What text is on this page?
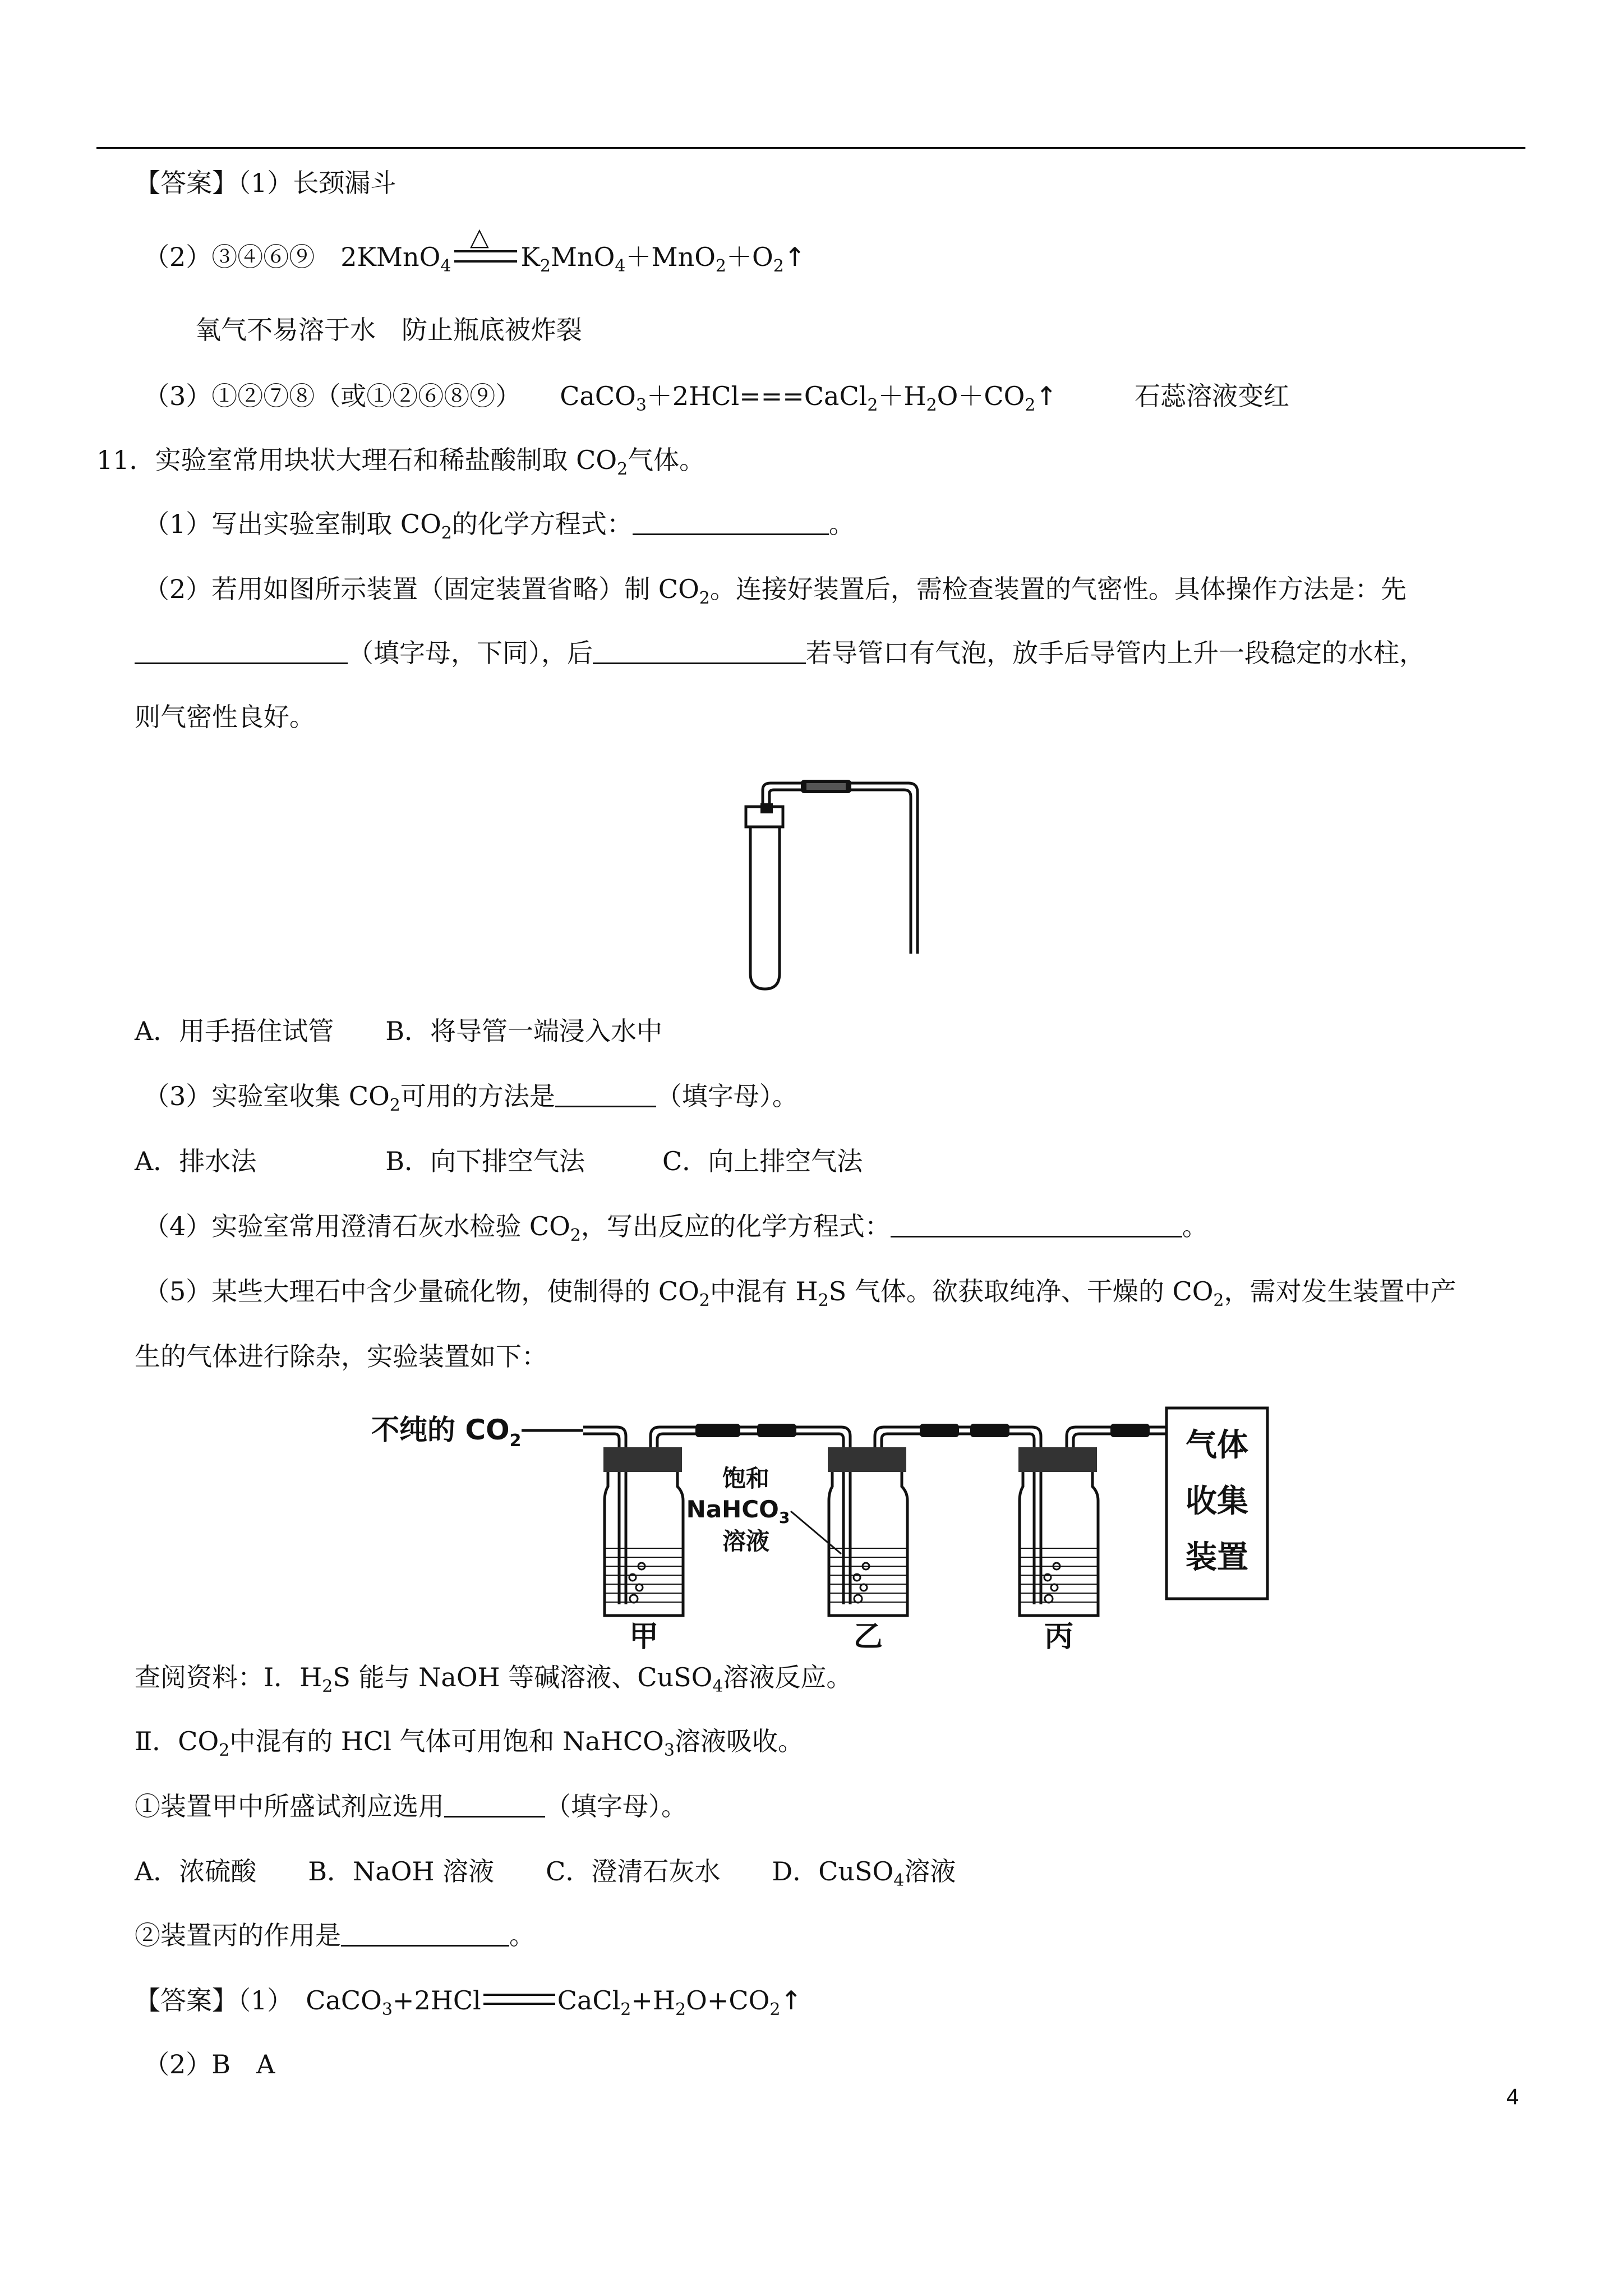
【答案】（1）长颈漏斗
（2）③④⑥⑨　 2KMnO$_4$	$K_2MnO_4+MnO_2+O_2↑$
△
氧气不易溶于水　防止瓶底被炸裂
（3）①②⑦⑧（或①②⑥⑧⑨）　　 $CaCO_3+2HCl===CaCl_2+H_2O+CO_2↑$　　　	石蕊溶液变红
11．实验室常用块状大理石和稀盐酸制取 $CO_2$气体。
（1）写出实验室制取 $CO_2$的化学方程式：	。
（2）若用如图所示装置（固定装置省略）制 $CO_2$。连接好装置后，需检查装置的气密性。具体操作方法是：先
（填字母，下同），后	若导管口有气泡，放手后导管内上升一段稳定的水柱，
则气密性良好。
A．用手捂住试管　　B．将导管一端浸入水中
（3）实验室收集 $CO_2$可用的方法是	（填字母）。
A．排水法　　　　　B．向下排空气法　　　C．向上排空气法
（4）实验室常用澄清石灰水检验 $CO_2$，写出反应的化学方程式：	。
（5）某些大理石中含少量硫化物，使制得的 $CO_2$中混有 $H_2S$ 气体。欲获取纯净、干燥的 $CO_2$，需对发生装置中产
生的气体进行除杂，实验装置如下：
不纯的 $CO_2$
饱和
NaHCO$_3$
溶液
气体
收集
装置
甲	乙	丙
查阅资料：I．$H_2S$ 能与 NaOH 等碱溶液、CuSO$_4$溶液反应。
Ⅱ．$CO_2$中混有的 HCl 气体可用饱和 NaHCO$_3$溶液吸收。
①装置甲中所盛试剂应选用	（填字母）。
A．浓硫酸　　B．NaOH 溶液　　C．澄清石灰水　　D．CuSO$_4$溶液
②装置丙的作用是	。
【答案】（1）　 CaCO$_3$+2HCl	$CaCl_2+H_2O+CO_2↑$
（2）B　A
4
